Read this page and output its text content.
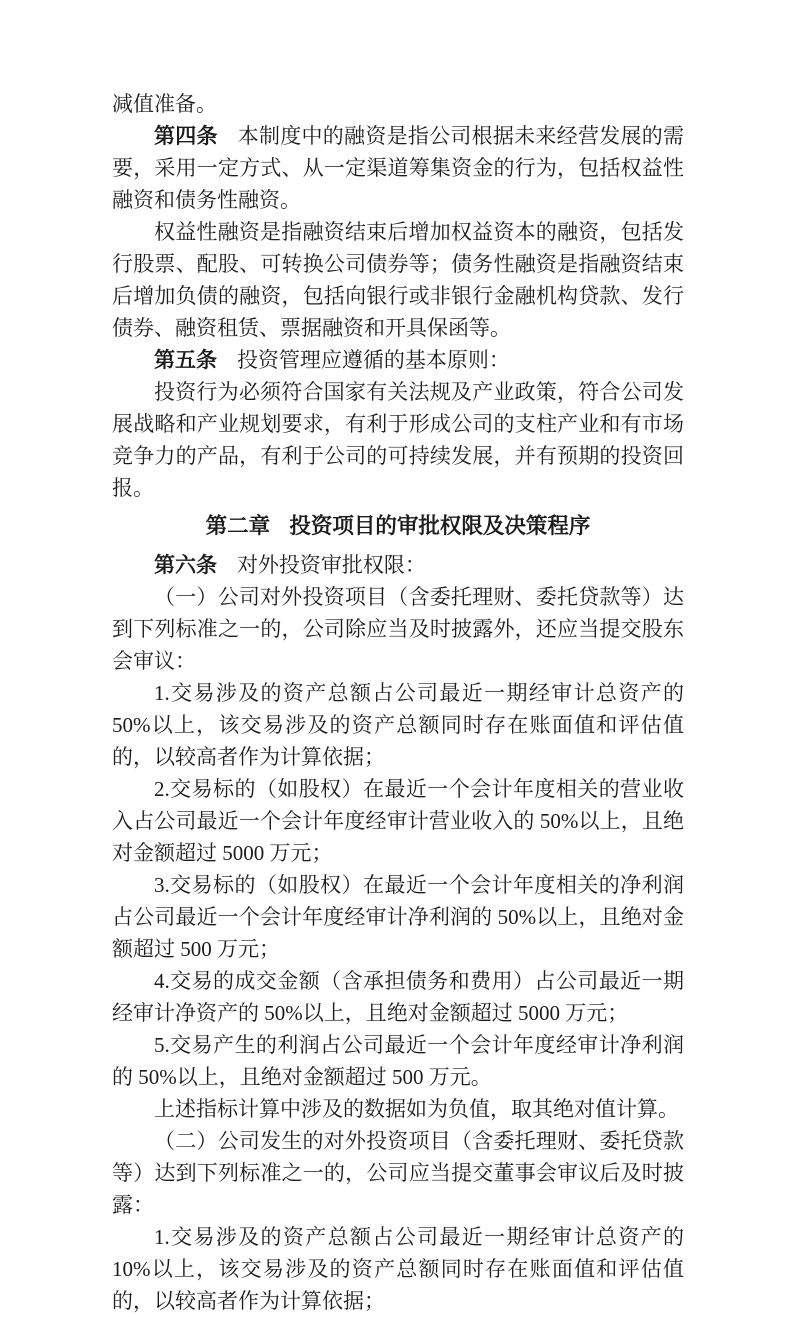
减值准备。

第四条 本制度中的融资是指公司根据未来经营发展的需要，采用一定方式、从一定渠道筹集资金的行为，包括权益性融资和债务性融资。

权益性融资是指融资结束后增加权益资本的融资，包括发行股票、配股、可转换公司债券等；债务性融资是指融资结束后增加负债的融资，包括向银行或非银行金融机构贷款、发行债券、融资租赁、票据融资和开具保函等。

第五条 投资管理应遵循的基本原则：

投资行为必须符合国家有关法规及产业政策，符合公司发展战略和产业规划要求，有利于形成公司的支柱产业和有市场竞争力的产品，有利于公司的可持续发展，并有预期的投资回报。

第二章 投资项目的审批权限及决策程序

第六条 对外投资审批权限：

（一）公司对外投资项目（含委托理财、委托贷款等）达到下列标准之一的，公司除应当及时披露外，还应当提交股东会审议：

1.交易涉及的资产总额占公司最近一期经审计总资产的 50%以上，该交易涉及的资产总额同时存在账面值和评估值的，以较高者作为计算依据；

2.交易标的（如股权）在最近一个会计年度相关的营业收入占公司最近一个会计年度经审计营业收入的 50%以上，且绝对金额超过 5000 万元；

3.交易标的（如股权）在最近一个会计年度相关的净利润占公司最近一个会计年度经审计净利润的 50%以上，且绝对金额超过 500 万元；

4.交易的成交金额（含承担债务和费用）占公司最近一期经审计净资产的 50%以上，且绝对金额超过 5000 万元；

5.交易产生的利润占公司最近一个会计年度经审计净利润的 50%以上，且绝对金额超过 500 万元。

上述指标计算中涉及的数据如为负值，取其绝对值计算。

（二）公司发生的对外投资项目（含委托理财、委托贷款等）达到下列标准之一的，公司应当提交董事会审议后及时披露：

1.交易涉及的资产总额占公司最近一期经审计总资产的 10%以上，该交易涉及的资产总额同时存在账面值和评估值的，以较高者作为计算依据；
